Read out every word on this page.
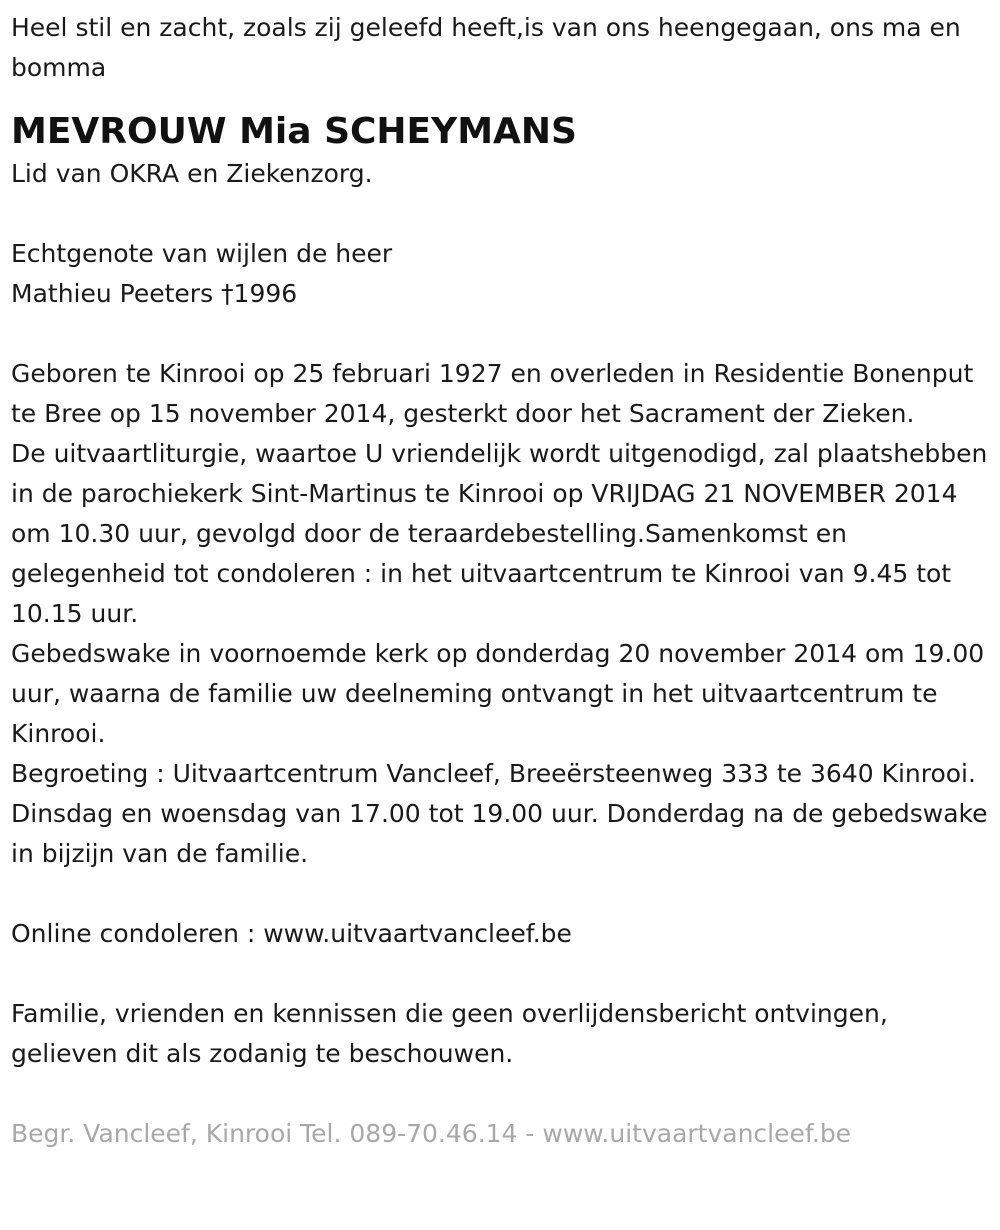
Heel stil en zacht, zoals zij geleefd heeft,is van ons heengegaan, ons ma en bomma

MEVROUW Mia SCHEYMANS

Lid van OKRA en Ziekenzorg.

Echtgenote van wijlen de heer

Mathieu Peeters †1996

Geboren te Kinrooi op 25 februari 1927 en overleden in Residentie Bonenput te Bree op 15 november 2014, gesterkt door het Sacrament der Zieken.

De uitvaartliturgie, waartoe U vriendelijk wordt uitgenodigd, zal plaatshebben in de parochiekerk Sint-Martinus te Kinrooi op VRIJDAG 21 NOVEMBER 2014 om 10.30 uur, gevolgd door de teraardebestelling.Samenkomst en gelegenheid tot condoleren : in het uitvaartcentrum te Kinrooi van 9.45 tot 10.15 uur.

Gebedswake in voornoemde kerk op donderdag 20 november 2014 om 19.00 uur, waarna de familie uw deelneming ontvangt in het uitvaartcentrum te Kinrooi.

Begroeting : Uitvaartcentrum Vancleef, Breeërsteenweg 333 te 3640 Kinrooi. Dinsdag en woensdag van 17.00 tot 19.00 uur. Donderdag na de gebedswake in bijzijn van de familie.

Online condoleren : www.uitvaartvancleef.be

Familie, vrienden en kennissen die geen overlijdensbericht ontvingen, gelieven dit als zodanig te beschouwen.

Begr. Vancleef, Kinrooi Tel. 089-70.46.14 - www.uitvaartvancleef.be
